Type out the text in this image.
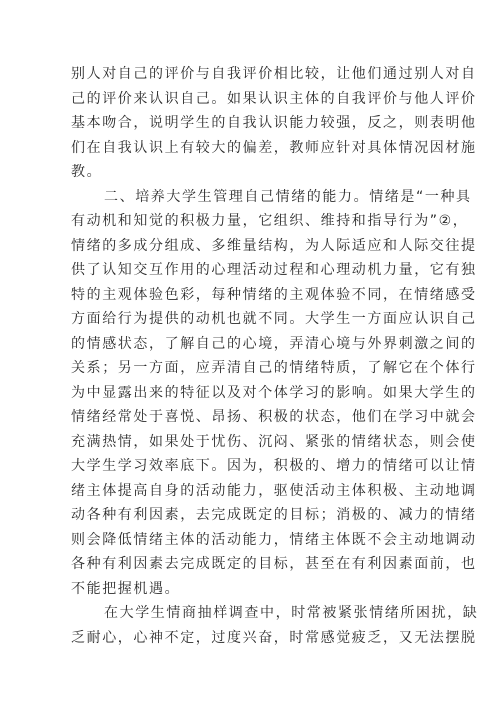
别人对自己的评价与自我评价相比较，让他们通过别人对自
己的评价来认识自己。如果认识主体的自我评价与他人评价
基本吻合，说明学生的自我认识能力较强，反之，则表明他
们在自我认识上有较大的偏差，教师应针对具体情况因材施
教。
二、培养大学生管理自己情绪的能力。情绪是“一种具
有动机和知觉的积极力量，它组织、维持和指导行为”②，
情绪的多成分组成、多维量结构，为人际适应和人际交往提
供了认知交互作用的心理活动过程和心理动机力量，它有独
特的主观体验色彩，每种情绪的主观体验不同，在情绪感受
方面给行为提供的动机也就不同。大学生一方面应认识自己
的情感状态，了解自己的心境，弄清心境与外界刺激之间的
关系；另一方面，应弄清自己的情绪特质，了解它在个体行
为中显露出来的特征以及对个体学习的影响。如果大学生的
情绪经常处于喜悦、昂扬、积极的状态，他们在学习中就会
充满热情，如果处于忧伤、沉闷、紧张的情绪状态，则会使
大学生学习效率底下。因为，积极的、增力的情绪可以让情
绪主体提高自身的活动能力，驱使活动主体积极、主动地调
动各种有利因素，去完成既定的目标；消极的、减力的情绪
则会降低情绪主体的活动能力，情绪主体既不会主动地调动
各种有利因素去完成既定的目标，甚至在有利因素面前，也
不能把握机遇。
在大学生情商抽样调查中，时常被紧张情绪所困扰，缺
乏耐心，心神不定，过度兴奋，时常感觉疲乏，又无法摆脱
